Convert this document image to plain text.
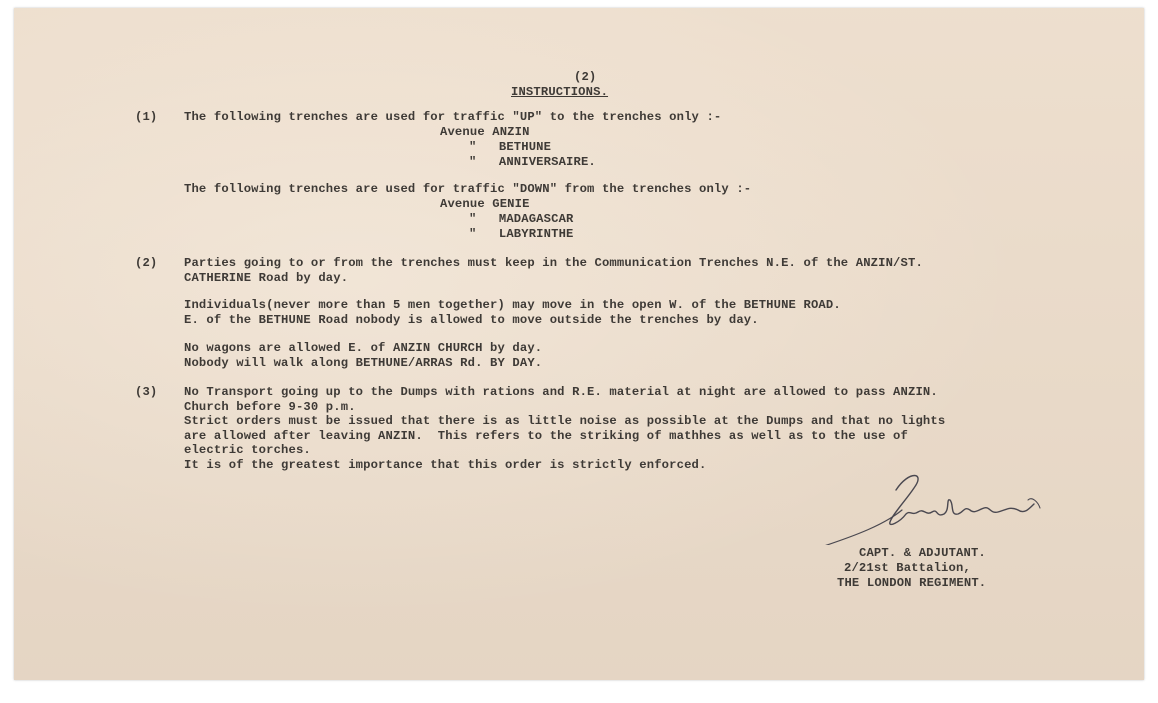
(2)
INSTRUCTIONS.
(1) The following trenches are used for traffic "UP" to the trenches only :-
Avenue ANZIN
"   BETHUNE
"   ANNIVERSAIRE.
The following trenches are used for traffic "DOWN" from the trenches only :-
Avenue GENIE
"   MADAGASCAR
"   LABYRINTHE
(2) Parties going to or from the trenches must keep in the Communication Trenches N.E. of the ANZIN/ST.
CATHERINE Road by day.
Individuals(never more than 5 men together) may move in the open W. of the BETHUNE ROAD.
E. of the BETHUNE Road nobody is allowed to move outside the trenches by day.
No wagons are allowed E. of ANZIN CHURCH by day.
Nobody will walk along BETHUNE/ARRAS Rd. BY DAY.
(3) No Transport going up to the Dumps with rations and R.E. material at night are allowed to pass ANZIN.
Church before 9-30 p.m.
Strict orders must be issued that there is as little noise as possible at the Dumps and that no lights
are allowed after leaving ANZIN.  This refers to the striking of mathhes as well as to the use of
electric torches.
It is of the greatest importance that this order is strictly enforced.
CAPT. & ADJUTANT.
2/21st Battalion,
THE LONDON REGIMENT.
